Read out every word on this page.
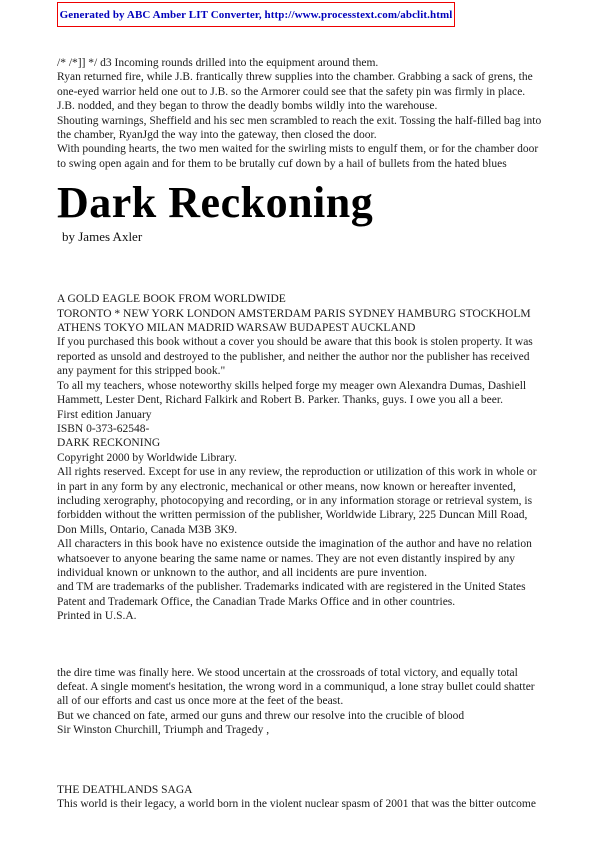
Generated by ABC Amber LIT Converter, http://www.processtext.com/abclit.html

/* /*]] */ d3 Incoming rounds drilled into the equipment around them.

Ryan returned fire, while J.B. frantically threw supplies into the chamber. Grabbing a sack of grens, the one-eyed warrior held one out to J.B. so the Armorer could see that the safety pin was firmly in place.

J.B. nodded, and they began to throw the deadly bombs wildly into the warehouse.

Shouting warnings, Sheffield and his sec men scrambled to reach the exit. Tossing the half-filled bag into the chamber, RyanJgd the way into the gateway, then closed the door.

With pounding hearts, the two men waited for the swirling mists to engulf them, or for the chamber door to swing open again and for them to be brutally cuf down by a hail of bullets from the hated blues

Dark Reckoning

by James Axler

A GOLD EAGLE BOOK FROM WORLDWIDE

TORONTO * NEW YORK LONDON AMSTERDAM PARIS SYDNEY HAMBURG STOCKHOLM ATHENS TOKYO MILAN MADRID WARSAW BUDAPEST AUCKLAND

If you purchased this book without a cover you should be aware that this book is stolen property. It was reported as unsold and destroyed to the publisher, and neither the author nor the publisher has received any payment for this stripped book."

To all my teachers, whose noteworthy skills helped forge my meager own Alexandra Dumas, Dashiell Hammett, Lester Dent, Richard Falkirk and Robert B. Parker. Thanks, guys. I owe you all a beer.

First edition January

ISBN 0-373-62548-

DARK RECKONING

Copyright 2000 by Worldwide Library.

All rights reserved. Except for use in any review, the reproduction or utilization of this work in whole or in part in any form by any electronic, mechanical or other means, now known or hereafter invented, including xerography, photocopying and recording, or in any information storage or retrieval system, is forbidden without the written permission of the publisher, Worldwide Library, 225 Duncan Mill Road, Don Mills, Ontario, Canada M3B 3K9.

All characters in this book have no existence outside the imagination of the author and have no relation whatsoever to anyone bearing the same name or names. They are not even distantly inspired by any individual known or unknown to the author, and all incidents are pure invention.

and TM are trademarks of the publisher. Trademarks indicated with are registered in the United States Patent and Trademark Office, the Canadian Trade Marks Office and in other countries.

Printed in U.S.A.

the dire time was finally here. We stood uncertain at the crossroads of total victory, and equally total defeat. A single moment's hesitation, the wrong word in a communiqud, a lone stray bullet could shatter all of our efforts and cast us once more at the feet of the beast.

But we chanced on fate, armed our guns and threw our resolve into the crucible of blood

Sir Winston Churchill, Triumph and Tragedy ,

THE DEATHLANDS SAGA

This world is their legacy, a world born in the violent nuclear spasm of 2001 that was the bitter outcome
